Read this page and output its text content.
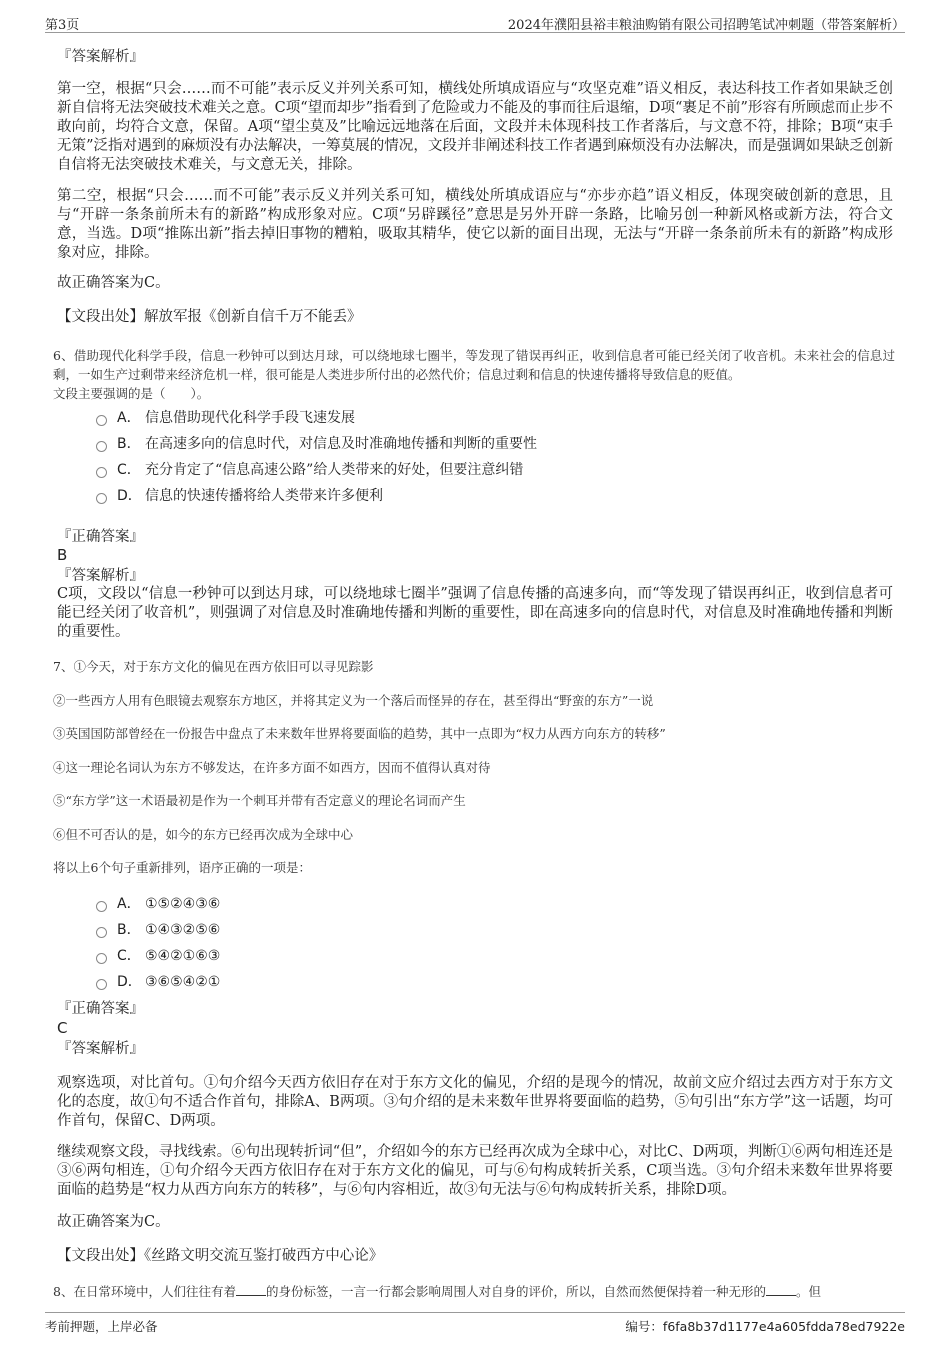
第3页	2024年濮阳县裕丰粮油购销有限公司招聘笔试冲刺题（带答案解析）
『答案解析』

第一空，根据“只会……而不可能”表示反义并列关系可知，横线处所填成语应与“攻坚克难”语义相反，表达科技工作者如果缺乏创新自信将无法突破技术难关之意。C项“望而却步”指看到了危险或力不能及的事而往后退缩，D项“裹足不前”形容有所顾虑而止步不敢向前，均符合文意，保留。A项“望尘莫及”比喻远远地落在后面，文段并未体现科技工作者落后，与文意不符，排除；B项“束手无策”泛指对遇到的麻烦没有办法解决，一筹莫展的情况，文段并非阐述科技工作者遇到麻烦没有办法解决，而是强调如果缺乏创新自信将无法突破技术难关，与文意无关，排除。

第二空，根据“只会……而不可能”表示反义并列关系可知，横线处所填成语应与“亦步亦趋”语义相反，体现突破创新的意思，且与“开辟一条条前所未有的新路”构成形象对应。C项“另辟蹊径”意思是另外开辟一条路，比喻另创一种新风格或新方法，符合文意，当选。D项“推陈出新”指去掉旧事物的糟粕，吸取其精华，使它以新的面目出现，无法与“开辟一条条前所未有的新路”构成形象对应，排除。

故正确答案为C。
【文段出处】解放军报《创新自信千万不能丢》
6、借助现代化科学手段，信息一秒钟可以到达月球，可以绕地球七圈半，等发现了错误再纠正，收到信息者可能已经关闭了收音机。未来社会的信息过剩，一如生产过剩带来经济危机一样，很可能是人类进步所付出的必然代价；信息过剩和信息的快速传播将导致信息的贬值。
文段主要强调的是（　　）。
A． 信息借助现代化科学手段飞速发展
B． 在高速多向的信息时代，对信息及时准确地传播和判断的重要性
C． 充分肯定了“信息高速公路”给人类带来的好处，但要注意纠错
D． 信息的快速传播将给人类带来许多便利
『正确答案』
B
『答案解析』

C项，文段以“信息一秒钟可以到达月球，可以绕地球七圈半”强调了信息传播的高速多向，而“等发现了错误再纠正，收到信息者可能已经关闭了收音机”，则强调了对信息及时准确地传播和判断的重要性，即在高速多向的信息时代，对信息及时准确地传播和判断的重要性。

7、①今天，对于东方文化的偏见在西方依旧可以寻见踪影
②一些西方人用有色眼镜去观察东方地区，并将其定义为一个落后而怪异的存在，甚至得出“野蛮的东方”一说
③英国国防部曾经在一份报告中盘点了未来数年世界将要面临的趋势，其中一点即为“权力从西方向东方的转移”
④这一理论名词认为东方不够发达，在许多方面不如西方，因而不值得认真对待
⑤“东方学”这一术语最初是作为一个刺耳并带有否定意义的理论名词而产生
⑥但不可否认的是，如今的东方已经再次成为全球中心
将以上6个句子重新排列，语序正确的一项是：
A． ①⑤②④③⑥
B． ①④③②⑤⑥
C． ⑤④②①⑥③
D． ③⑥⑤④②①
『正确答案』
C
『答案解析』

观察选项，对比首句。①句介绍今天西方依旧存在对于东方文化的偏见，介绍的是现今的情况，故前文应介绍过去西方对于东方文化的态度，故①句不适合作首句，排除A、B两项。③句介绍的是未来数年世界将要面临的趋势，⑤句引出“东方学”这一话题，均可作首句，保留C、D两项。

继续观察文段，寻找线索。⑥句出现转折词“但”，介绍如今的东方已经再次成为全球中心，对比C、D两项，判断①⑥两句相连还是③⑥两句相连，①句介绍今天西方依旧存在对于东方文化的偏见，可与⑥句构成转折关系，C项当选。③句介绍未来数年世界将要面临的趋势是“权力从西方向东方的转移”，与⑥句内容相近，故③句无法与⑥句构成转折关系，排除D项。

故正确答案为C。
【文段出处】《丝路文明交流互鉴打破西方中心论》
8、在日常环境中，人们往往有着 的身份标签，一言一行都会影响周围人对自身的评价，所以，自然而然便保持着一种无形的 。但
考前押题，上岸必备	编号：f6fa8b37d1177e4a605fdda78ed7922e
